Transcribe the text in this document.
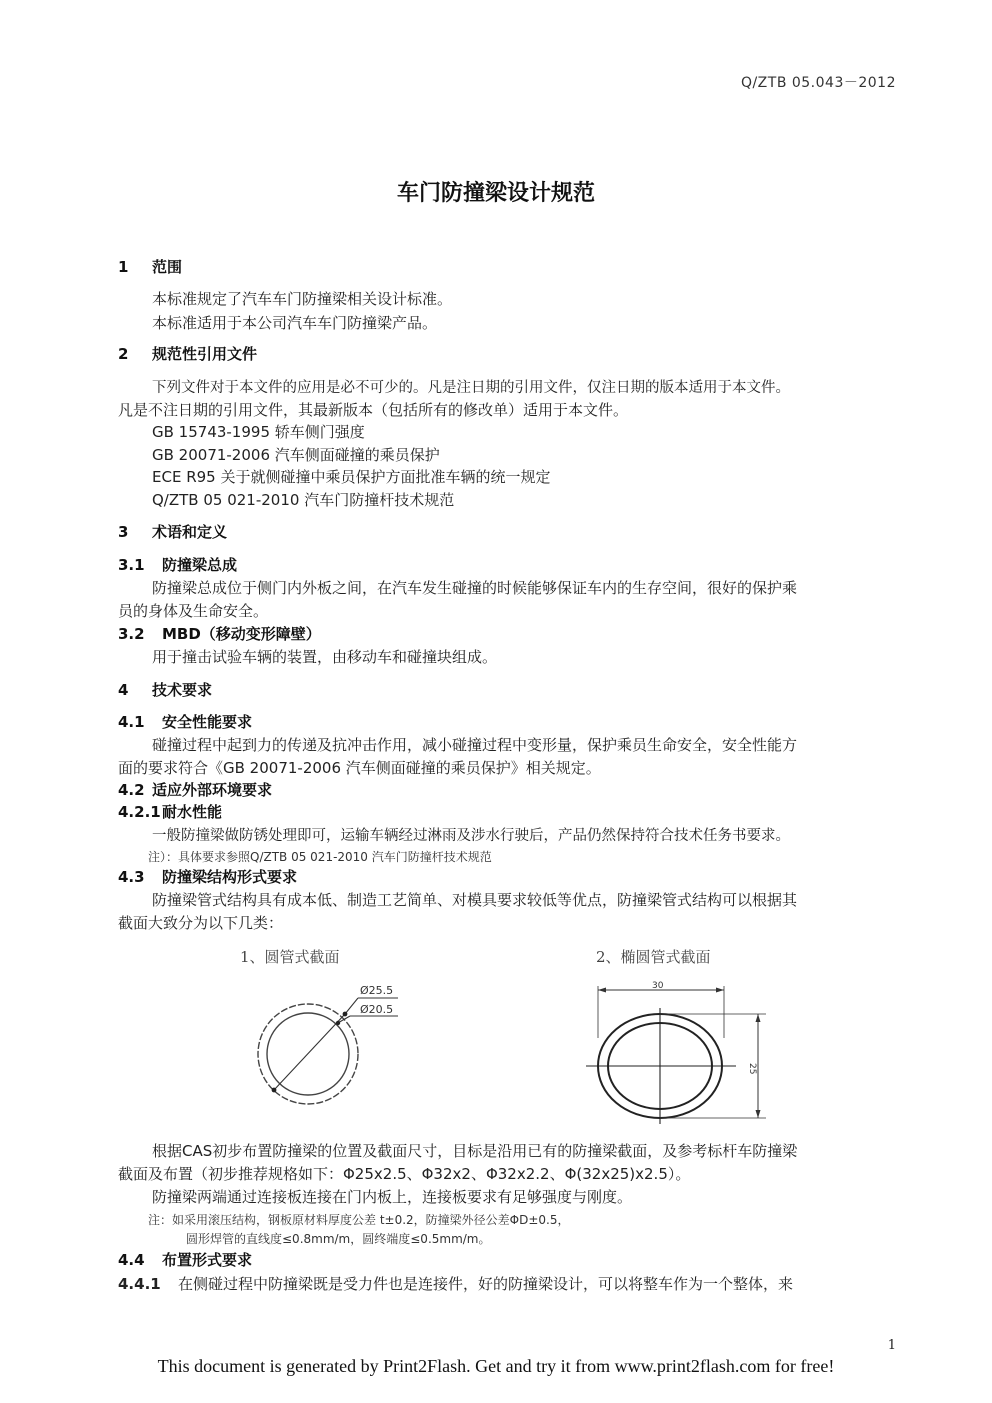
Q/ZTB 05.043－2012
车门防撞梁设计规范
1 范围
本标准规定了汽车车门防撞梁相关设计标准。
本标准适用于本公司汽车车门防撞梁产品。
2 规范性引用文件
下列文件对于本文件的应用是必不可少的。凡是注日期的引用文件，仅注日期的版本适用于本文件。
凡是不注日期的引用文件，其最新版本（包括所有的修改单）适用于本文件。
GB 15743-1995 轿车侧门强度
GB 20071-2006 汽车侧面碰撞的乘员保护
ECE R95 关于就侧碰撞中乘员保护方面批准车辆的统一规定
Q/ZTB 05 021-2010 汽车门防撞杆技术规范
3 术语和定义
3.1 防撞梁总成
防撞梁总成位于侧门内外板之间，在汽车发生碰撞的时候能够保证车内的生存空间，很好的保护乘
员的身体及生命安全。
3.2 MBD（移动变形障壁）
用于撞击试验车辆的装置，由移动车和碰撞块组成。
4 技术要求
4.1 安全性能要求
碰撞过程中起到力的传递及抗冲击作用，减小碰撞过程中变形量，保护乘员生命安全，安全性能方
面的要求符合《GB 20071-2006 汽车侧面碰撞的乘员保护》相关规定。
4.2 适应外部环境要求
4.2.1耐水性能
一般防撞梁做防锈处理即可，运输车辆经过淋雨及涉水行驶后，产品仍然保持符合技术任务书要求。
注）：具体要求参照Q/ZTB 05 021-2010 汽车门防撞杆技术规范
4.3 防撞梁结构形式要求
防撞梁管式结构具有成本低、制造工艺简单、对模具要求较低等优点，防撞梁管式结构可以根据其
截面大致分为以下几类：
1、圆管式截面
Ø25.5
Ø20.5
2、椭圆管式截面
30
25
根据CAS初步布置防撞梁的位置及截面尺寸，目标是沿用已有的防撞梁截面，及参考标杆车防撞梁
截面及布置（初步推荐规格如下：Φ25x2.5、Φ32x2、Φ32x2.2、Φ(32x25)x2.5）。
防撞梁两端通过连接板连接在门内板上，连接板要求有足够强度与刚度。
注：如采用滚压结构，钢板原材料厚度公差 t±0.2，防撞梁外径公差ΦD±0.5，
圆形焊管的直线度≤0.8mm/m，圆终端度≤0.5mm/m。
4.4 布置形式要求
4.4.1 在侧碰过程中防撞梁既是受力件也是连接件，好的防撞梁设计，可以将整车作为一个整体，来
1
This document is generated by Print2Flash. Get and try it from www.print2flash.com for free!
